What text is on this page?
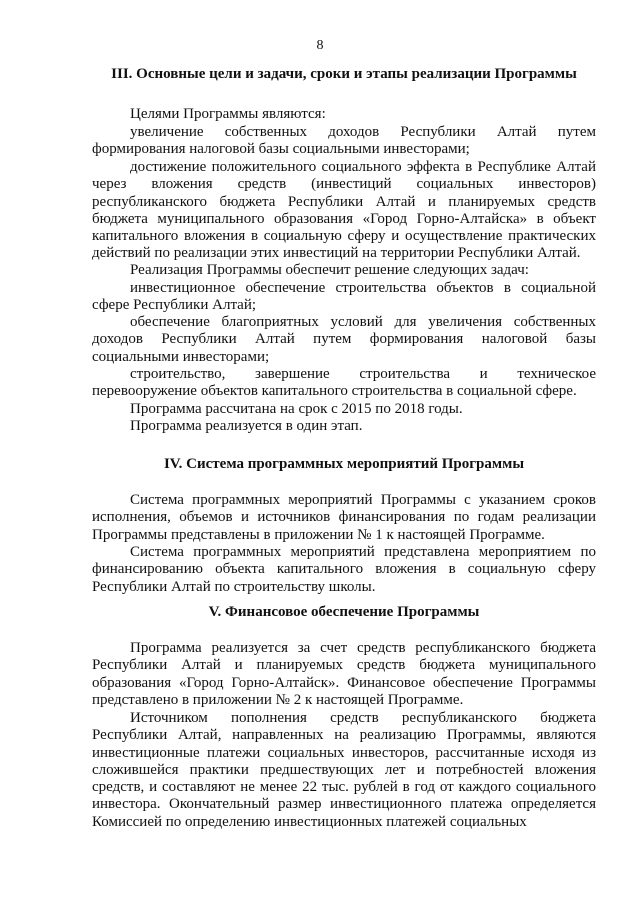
8
III. Основные цели и задачи, сроки и этапы реализации Программы
Целями Программы являются:
увеличение собственных доходов Республики Алтай путем формирования налоговой базы социальными инвесторами;
достижение положительного социального эффекта в Республике Алтай через вложения средств (инвестиций социальных инвесторов) республиканского бюджета Республики Алтай и планируемых средств бюджета муниципального образования «Город Горно-Алтайска» в объект капитального вложения в социальную сферу и осуществление практических действий по реализации этих инвестиций на территории Республики Алтай.
Реализация Программы обеспечит решение следующих задач:
инвестиционное обеспечение строительства объектов в социальной сфере Республики Алтай;
обеспечение благоприятных условий для увеличения собственных доходов Республики Алтай путем формирования налоговой базы социальными инвесторами;
строительство, завершение строительства и техническое перевооружение объектов капитального строительства в социальной сфере.
Программа рассчитана на срок с 2015 по 2018 годы.
Программа реализуется в один этап.
IV. Система программных мероприятий Программы
Система программных мероприятий Программы с указанием сроков исполнения, объемов и источников финансирования по годам реализации Программы представлены в приложении № 1 к настоящей Программе.
Система программных мероприятий представлена мероприятием по финансированию объекта капитального вложения в социальную сферу Республики Алтай по строительству школы.
V. Финансовое обеспечение Программы
Программа реализуется за счет средств республиканского бюджета Республики Алтай и планируемых средств бюджета муниципального образования «Город Горно-Алтайск». Финансовое обеспечение Программы представлено в приложении № 2 к настоящей Программе.
Источником пополнения средств республиканского бюджета Республики Алтай, направленных на реализацию Программы, являются инвестиционные платежи социальных инвесторов, рассчитанные исходя из сложившейся практики предшествующих лет и потребностей вложения средств, и составляют не менее 22 тыс. рублей в год от каждого социального инвестора. Окончательный размер инвестиционного платежа определяется Комиссией по определению инвестиционных платежей социальных
